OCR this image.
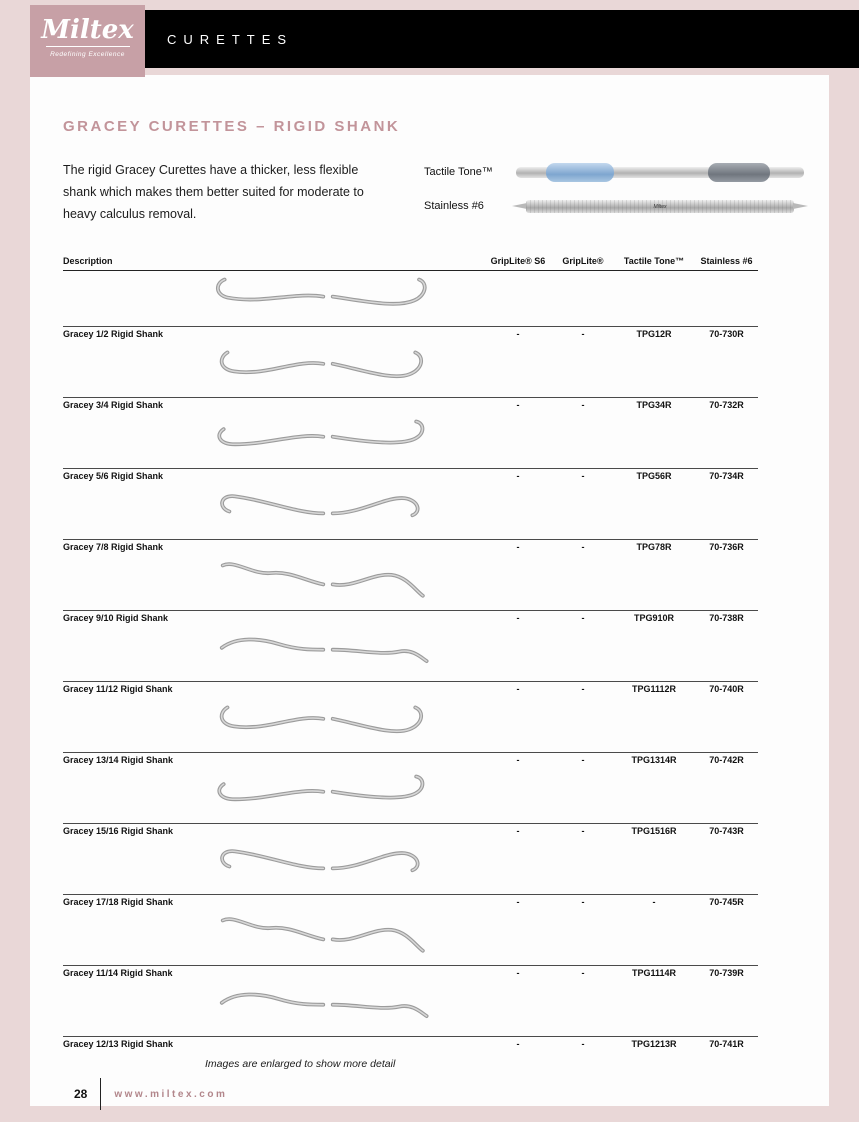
Miltex
Redefining Excellence
CURETTES
GRACEY CURETTES – RIGID SHANK

The rigid Gracey Curettes have a thicker, less flexible shank which makes them better suited for moderate to heavy calculus removal.

Tactile Tone™
Stainless #6	Miltex
Description	GripLite® S6	GripLite®	Tactile Tone™	Stainless #6
Gracey 1/2 Rigid Shank	-	-	TPG12R	70-730R
Gracey 3/4 Rigid Shank	-	-	TPG34R	70-732R
Gracey 5/6 Rigid Shank	-	-	TPG56R	70-734R
Gracey 7/8 Rigid Shank	-	-	TPG78R	70-736R
Gracey 9/10 Rigid Shank	-	-	TPG910R	70-738R
Gracey 11/12 Rigid Shank	-	-	TPG1112R	70-740R
Gracey 13/14 Rigid Shank	-	-	TPG1314R	70-742R
Gracey 15/16 Rigid Shank	-	-	TPG1516R	70-743R
Gracey 17/18 Rigid Shank	-	-	-	70-745R
Gracey 11/14 Rigid Shank	-	-	TPG1114R	70-739R
Gracey 12/13 Rigid Shank	-	-	TPG1213R	70-741R

Images are enlarged to show more detail

28	www.miltex.com
